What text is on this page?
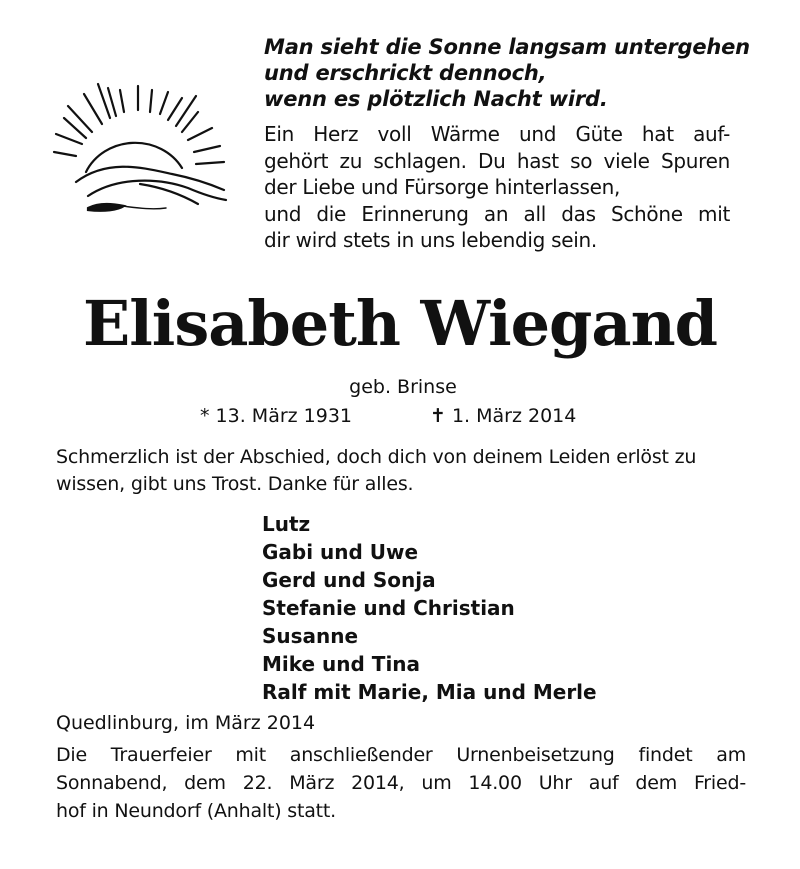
Man sieht die Sonne langsam untergehen
und erschrickt dennoch,
wenn es plötzlich Nacht wird.
Ein Herz voll Wärme und Güte hat auf-
gehört zu schlagen. Du hast so viele Spuren
der Liebe und Fürsorge hinterlassen,
und die Erinnerung an all das Schöne mit
dir wird stets in uns lebendig sein.
Elisabeth Wiegand
geb. Brinse
* 13. März 1931	✝ 1. März 2014
Schmerzlich ist der Abschied, doch dich von deinem Leiden erlöst zu
wissen, gibt uns Trost. Danke für alles.
Lutz
Gabi und Uwe
Gerd und Sonja
Stefanie und Christian
Susanne
Mike und Tina
Ralf mit Marie, Mia und Merle
Quedlinburg, im März 2014
Die Trauerfeier mit anschließender Urnenbeisetzung findet am
Sonnabend, dem 22. März 2014, um 14.00 Uhr auf dem Fried-
hof in Neundorf (Anhalt) statt.
